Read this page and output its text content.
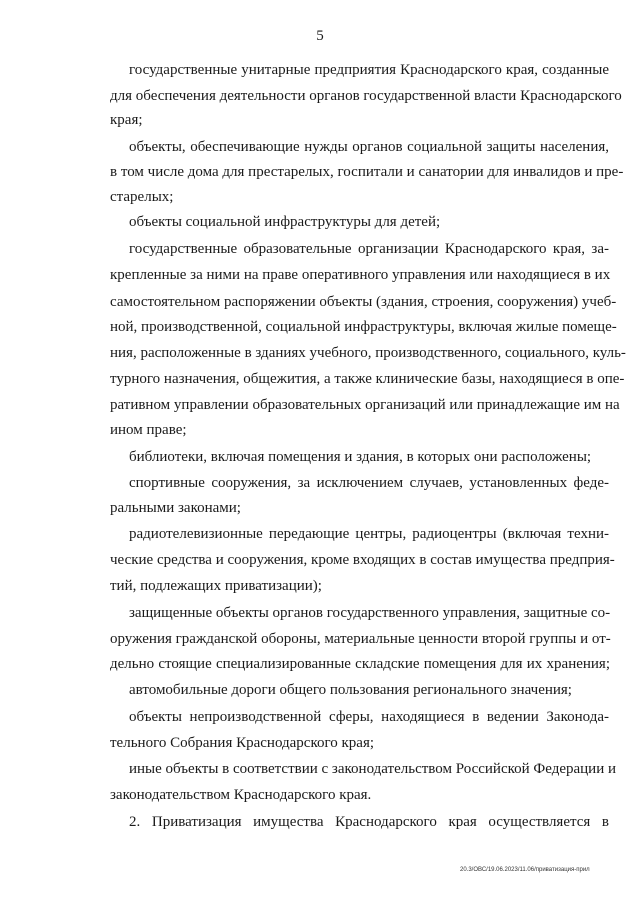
5
государственные унитарные предприятия Краснодарского края, созданные
для обеспечения деятельности органов государственной власти Краснодарского
края;
объекты, обеспечивающие нужды органов социальной защиты населения,
в том числе дома для престарелых, госпитали и санатории для инвалидов и пре-
старелых;
объекты социальной инфраструктуры для детей;
государственные образовательные организации Краснодарского края, за-
крепленные за ними на праве оперативного управления или находящиеся в их
самостоятельном распоряжении объекты (здания, строения, сооружения) учеб-
ной, производственной, социальной инфраструктуры, включая жилые помеще-
ния, расположенные в зданиях учебного, производственного, социального, куль-
турного назначения, общежития, а также клинические базы, находящиеся в опе-
ративном управлении образовательных организаций или принадлежащие им на
ином праве;
библиотеки, включая помещения и здания, в которых они расположены;
спортивные сооружения, за исключением случаев, установленных феде-
ральными законами;
радиотелевизионные передающие центры, радиоцентры (включая техни-
ческие средства и сооружения, кроме входящих в состав имущества предприя-
тий, подлежащих приватизации);
защищенные объекты органов государственного управления, защитные со-
оружения гражданской обороны, материальные ценности второй группы и от-
дельно стоящие специализированные складские помещения для их хранения;
автомобильные дороги общего пользования регионального значения;
объекты непроизводственной сферы, находящиеся в ведении Законода-
тельного Собрания Краснодарского края;
иные объекты в соответствии с законодательством Российской Федерации и
законодательством Краснодарского края.
2. Приватизация имущества Краснодарского края осуществляется в
20.3/ОВС/19.06.2023/11.06/приватизация-прил
